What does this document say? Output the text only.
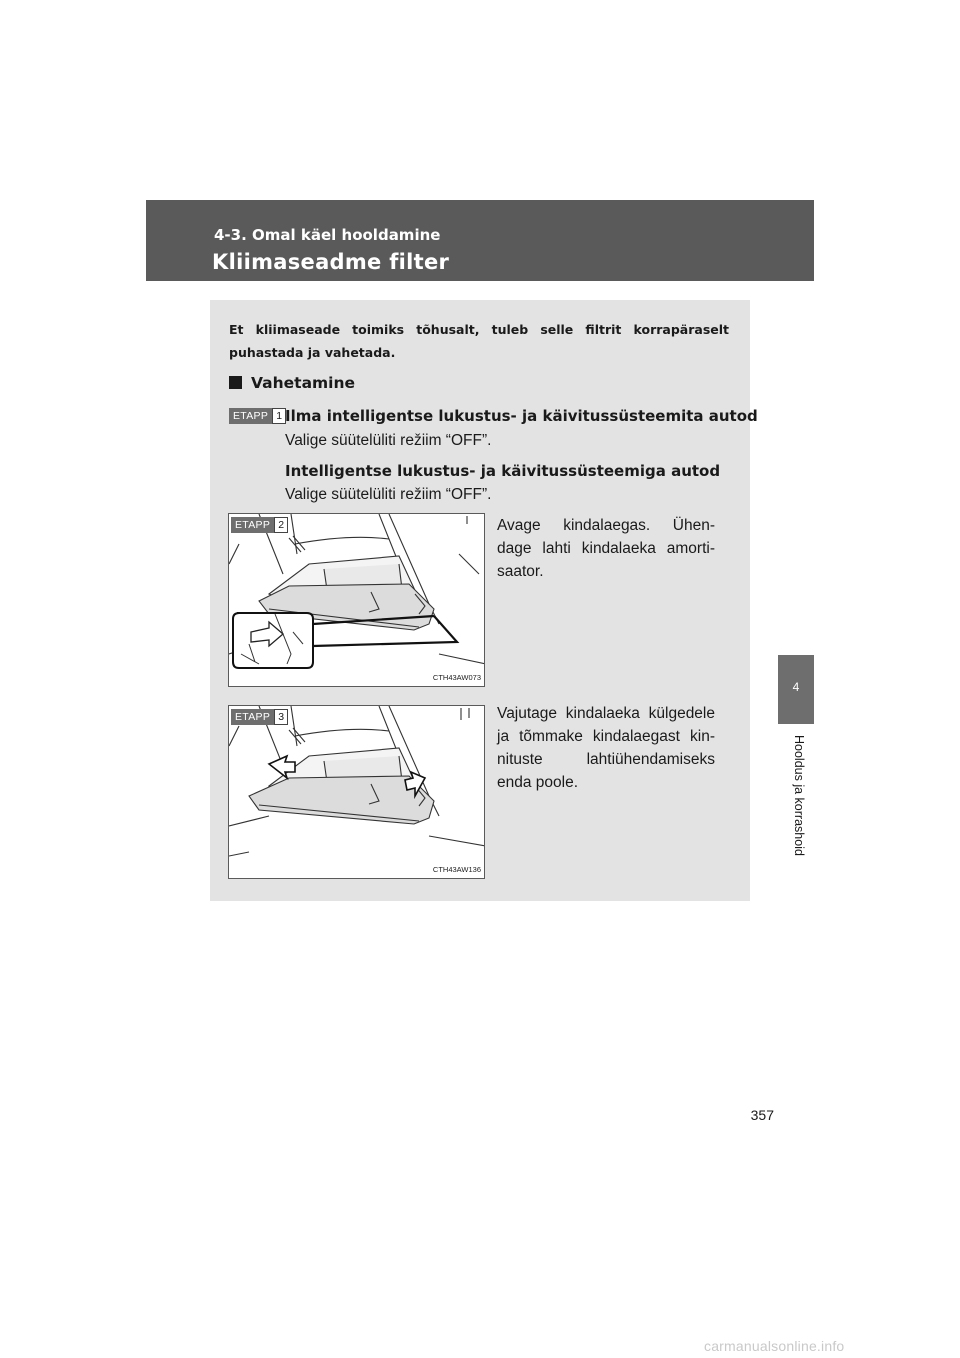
4-3. Omal käel hooldamine
Kliimaseadme filter
Et kliimaseade toimiks tõhusalt, tuleb selle filtrit korrapäraselt puhastada ja vahetada.
Vahetamine
ETAPP 1 Ilma intelligentse lukustus- ja käivitussüsteemita autod
Valige süütelüliti režiim “OFF”.
Intelligentse lukustus- ja käivitussüsteemiga autod
Valige süütelüliti režiim “OFF”.
ETAPP 2
CTH43AW073
Avage kindalaegas. Ühen-
dage lahti kindalaeka amorti-
saator.
ETAPP 3
CTH43AW136
Vajutage kindalaeka külgedele
ja tõmmake kindalaegast kin-
nituste lahtiühendamiseks
enda poole.
4
Hooldus ja korrashoid
357
carmanualsonline.info
